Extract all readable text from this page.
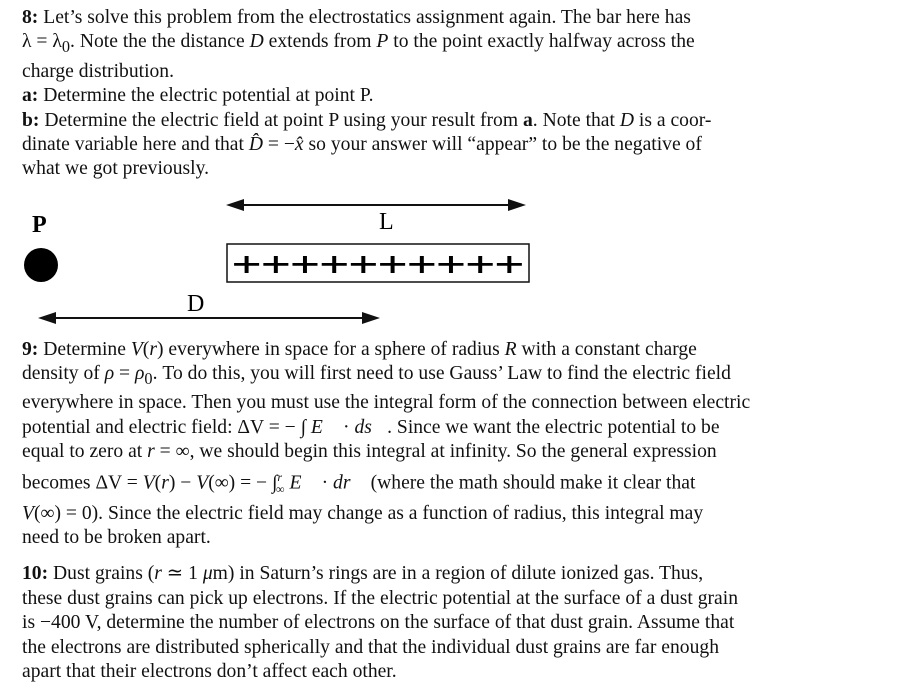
8: Let’s solve this problem from the electrostatics assignment again. The bar here has
$\lambda = \lambda_0$. Note the the distance D extends from P to the point exactly halfway across the
charge distribution.
a: Determine the electric potential at point P.
b: Determine the electric field at point P using your result from a. Note that D is a coor-
dinate variable here and that D̂ = −x̂ so your answer will “appear” to be the negative of
what we got previously.

L
P
++++++++++
D

9: Determine V(r) everywhere in space for a sphere of radius R with a constant charge
density of $\rho = \rho_0$. To do this, you will first need to use Gauss’ Law to find the electric field
everywhere in space. Then you must use the integral form of the connection between electric
potential and electric field: ΔV = − ∫ E⃗ · ds⃗. Since we want the electric potential to be
equal to zero at r = ∞, we should begin this integral at infinity. So the general expression
becomes ΔV = V(r) − V(∞) = − ∫$^r_\infty$ E⃗ · dr⃗ (where the math should make it clear that
V(∞) = 0). Since the electric field may change as a function of radius, this integral may
need to be broken apart.

10: Dust grains (r ≃ 1 μm) in Saturn’s rings are in a region of dilute ionized gas. Thus,
these dust grains can pick up electrons. If the electric potential at the surface of a dust grain
is −400 V, determine the number of electrons on the surface of that dust grain. Assume that
the electrons are distributed spherically and that the individual dust grains are far enough
apart that their electrons don’t affect each other.
